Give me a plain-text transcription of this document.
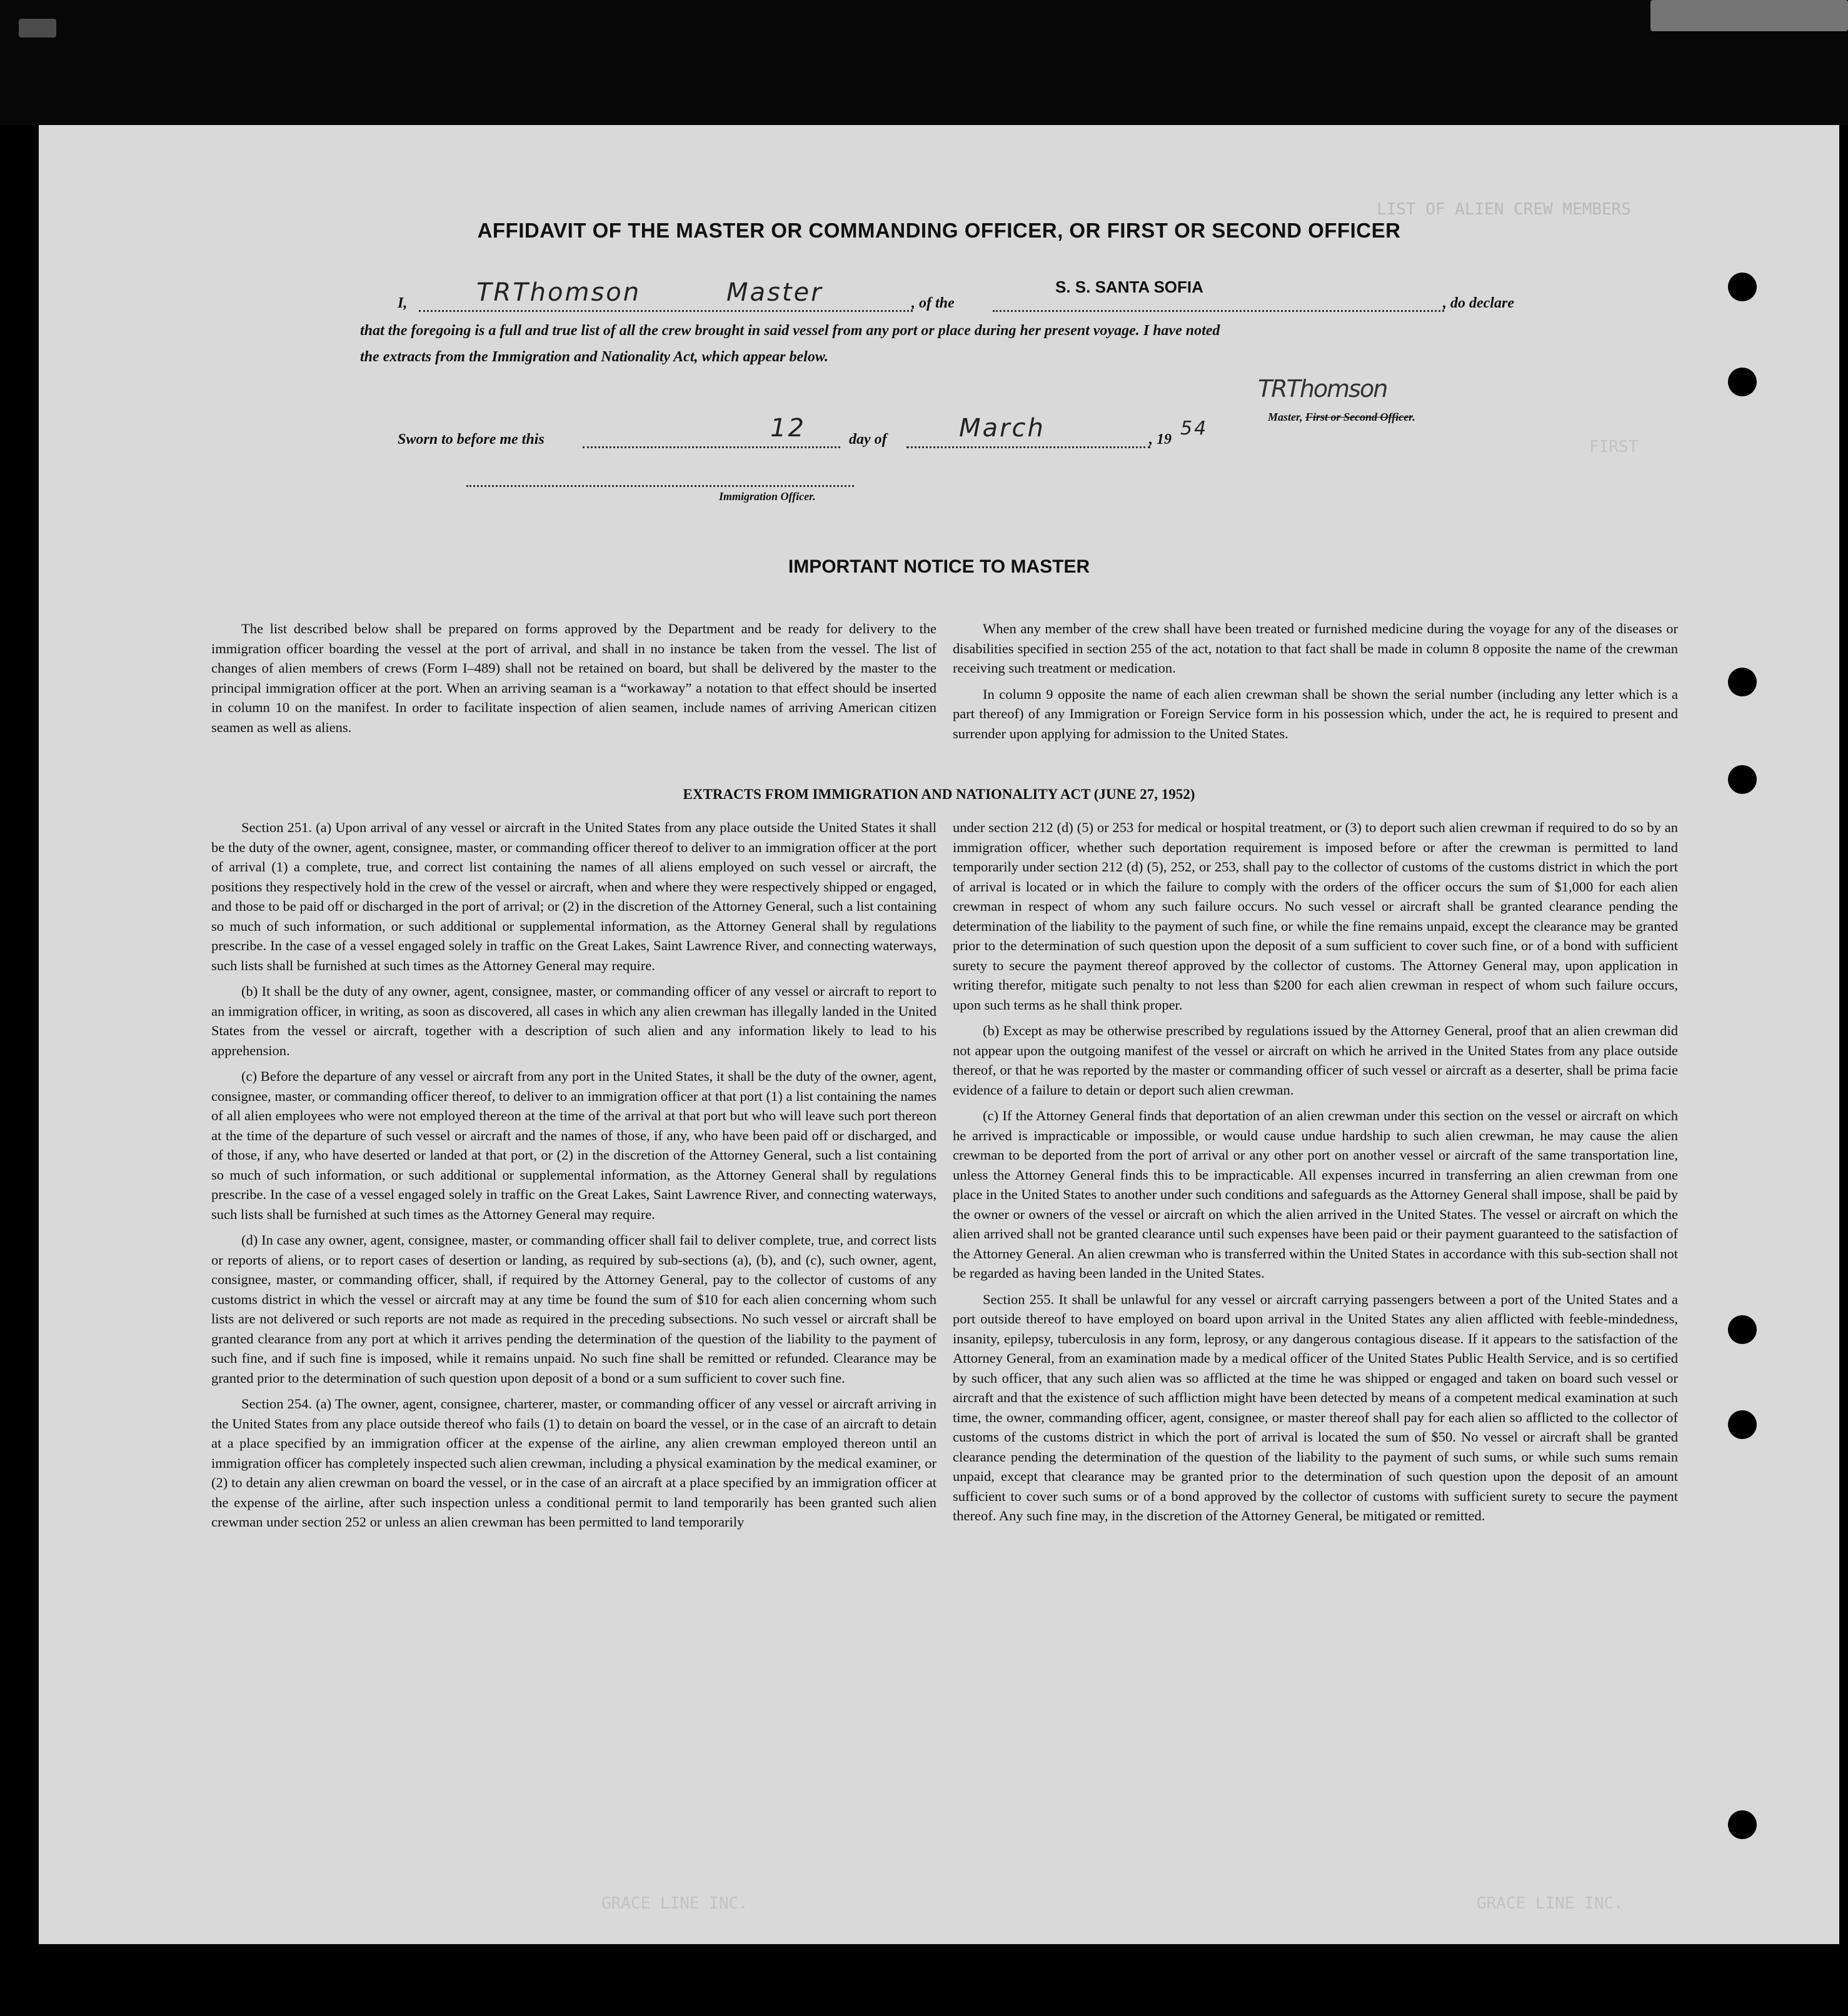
LIST OF ALIEN CREW MEMBERS
FIRST
GRACE LINE INC.	GRACE LINE INC.
AFFIDAVIT OF THE MASTER OR COMMANDING OFFICER, OR FIRST OR SECOND OFFICER
I,	TRThomson	Master	, of the
S. S. SANTA SOFIA
, do declare
that the foregoing is a full and true list of all the crew brought in said vessel from any port or place during her present voyage. I have noted
the extracts from the Immigration and Nationality Act, which appear below.
TRThomson
Master, First or Second Officer.
Sworn to before me this	12	day of	March	, 19 54
Immigration Officer.
IMPORTANT NOTICE TO MASTER

The list described below shall be prepared on forms approved by the Department and be ready for delivery to the immigration officer boarding the vessel at the port of arrival, and shall in no instance be taken from the vessel. The list of changes of alien members of crews (Form I–489) shall not be retained on board, but shall be delivered by the master to the principal immigration officer at the port. When an arriving seaman is a “workaway” a notation to that effect should be inserted in column 10 on the manifest. In order to facilitate inspection of alien seamen, include names of arriving American citizen seamen as well as aliens.

When any member of the crew shall have been treated or furnished medicine during the voyage for any of the diseases or disabilities specified in section 255 of the act, notation to that fact shall be made in column 8 opposite the name of the crewman receiving such treatment or medication.

In column 9 opposite the name of each alien crewman shall be shown the serial number (including any letter which is a part thereof) of any Immigration or Foreign Service form in his possession which, under the act, he is required to present and surrender upon applying for admission to the United States.

EXTRACTS FROM IMMIGRATION AND NATIONALITY ACT (JUNE 27, 1952)

Section 251. (a) Upon arrival of any vessel or aircraft in the United States from any place outside the United States it shall be the duty of the owner, agent, consignee, master, or commanding officer thereof to deliver to an immigration officer at the port of arrival (1) a complete, true, and correct list containing the names of all aliens employed on such vessel or aircraft, the positions they respectively hold in the crew of the vessel or aircraft, when and where they were respectively shipped or engaged, and those to be paid off or discharged in the port of arrival; or (2) in the discretion of the Attorney General, such a list containing so much of such information, or such additional or supplemental information, as the Attorney General shall by regulations prescribe. In the case of a vessel engaged solely in traffic on the Great Lakes, Saint Lawrence River, and connecting waterways, such lists shall be furnished at such times as the Attorney General may require.

(b) It shall be the duty of any owner, agent, consignee, master, or commanding officer of any vessel or aircraft to report to an immigration officer, in writing, as soon as discovered, all cases in which any alien crewman has illegally landed in the United States from the vessel or aircraft, together with a description of such alien and any information likely to lead to his apprehension.

(c) Before the departure of any vessel or aircraft from any port in the United States, it shall be the duty of the owner, agent, consignee, master, or commanding officer thereof, to deliver to an immigration officer at that port (1) a list containing the names of all alien employees who were not employed thereon at the time of the arrival at that port but who will leave such port thereon at the time of the departure of such vessel or aircraft and the names of those, if any, who have been paid off or discharged, and of those, if any, who have deserted or landed at that port, or (2) in the discretion of the Attorney General, such a list containing so much of such information, or such additional or supplemental information, as the Attorney General shall by regulations prescribe. In the case of a vessel engaged solely in traffic on the Great Lakes, Saint Lawrence River, and connecting waterways, such lists shall be furnished at such times as the Attorney General may require.

(d) In case any owner, agent, consignee, master, or commanding officer shall fail to deliver complete, true, and correct lists or reports of aliens, or to report cases of desertion or landing, as required by sub-sections (a), (b), and (c), such owner, agent, consignee, master, or commanding officer, shall, if required by the Attorney General, pay to the collector of customs of any customs district in which the vessel or aircraft may at any time be found the sum of $10 for each alien concerning whom such lists are not delivered or such reports are not made as required in the preceding subsections. No such vessel or aircraft shall be granted clearance from any port at which it arrives pending the determination of the question of the liability to the payment of such fine, and if such fine is imposed, while it remains unpaid. No such fine shall be remitted or refunded. Clearance may be granted prior to the determination of such question upon deposit of a bond or a sum sufficient to cover such fine.

Section 254. (a) The owner, agent, consignee, charterer, master, or commanding officer of any vessel or aircraft arriving in the United States from any place outside thereof who fails (1) to detain on board the vessel, or in the case of an aircraft to detain at a place specified by an immigration officer at the expense of the airline, any alien crewman employed thereon until an immigration officer has completely inspected such alien crewman, including a physical examination by the medical examiner, or (2) to detain any alien crewman on board the vessel, or in the case of an aircraft at a place specified by an immigration officer at the expense of the airline, after such inspection unless a conditional permit to land temporarily has been granted such alien crewman under section 252 or unless an alien crewman has been permitted to land temporarily

under section 212 (d) (5) or 253 for medical or hospital treatment, or (3) to deport such alien crewman if required to do so by an immigration officer, whether such deportation requirement is imposed before or after the crewman is permitted to land temporarily under section 212 (d) (5), 252, or 253, shall pay to the collector of customs of the customs district in which the port of arrival is located or in which the failure to comply with the orders of the officer occurs the sum of $1,000 for each alien crewman in respect of whom any such failure occurs. No such vessel or aircraft shall be granted clearance pending the determination of the liability to the payment of such fine, or while the fine remains unpaid, except the clearance may be granted prior to the determination of such question upon the deposit of a sum sufficient to cover such fine, or of a bond with sufficient surety to secure the payment thereof approved by the collector of customs. The Attorney General may, upon application in writing therefor, mitigate such penalty to not less than $200 for each alien crewman in respect of whom such failure occurs, upon such terms as he shall think proper.

(b) Except as may be otherwise prescribed by regulations issued by the Attorney General, proof that an alien crewman did not appear upon the outgoing manifest of the vessel or aircraft on which he arrived in the United States from any place outside thereof, or that he was reported by the master or commanding officer of such vessel or aircraft as a deserter, shall be prima facie evidence of a failure to detain or deport such alien crewman.

(c) If the Attorney General finds that deportation of an alien crewman under this section on the vessel or aircraft on which he arrived is impracticable or impossible, or would cause undue hardship to such alien crewman, he may cause the alien crewman to be deported from the port of arrival or any other port on another vessel or aircraft of the same transportation line, unless the Attorney General finds this to be impracticable. All expenses incurred in transferring an alien crewman from one place in the United States to another under such conditions and safeguards as the Attorney General shall impose, shall be paid by the owner or owners of the vessel or aircraft on which the alien arrived in the United States. The vessel or aircraft on which the alien arrived shall not be granted clearance until such expenses have been paid or their payment guaranteed to the satisfaction of the Attorney General. An alien crewman who is transferred within the United States in accordance with this sub-section shall not be regarded as having been landed in the United States.

Section 255. It shall be unlawful for any vessel or aircraft carrying passengers between a port of the United States and a port outside thereof to have employed on board upon arrival in the United States any alien afflicted with feeble-mindedness, insanity, epilepsy, tuberculosis in any form, leprosy, or any dangerous contagious disease. If it appears to the satisfaction of the Attorney General, from an examination made by a medical officer of the United States Public Health Service, and is so certified by such officer, that any such alien was so afflicted at the time he was shipped or engaged and taken on board such vessel or aircraft and that the existence of such affliction might have been detected by means of a competent medical examination at such time, the owner, commanding officer, agent, consignee, or master thereof shall pay for each alien so afflicted to the collector of customs of the customs district in which the port of arrival is located the sum of $50. No vessel or aircraft shall be granted clearance pending the determination of the question of the liability to the payment of such sums, or while such sums remain unpaid, except that clearance may be granted prior to the determination of such question upon the deposit of an amount sufficient to cover such sums or of a bond approved by the collector of customs with sufficient surety to secure the payment thereof. Any such fine may, in the discretion of the Attorney General, be mitigated or remitted.
